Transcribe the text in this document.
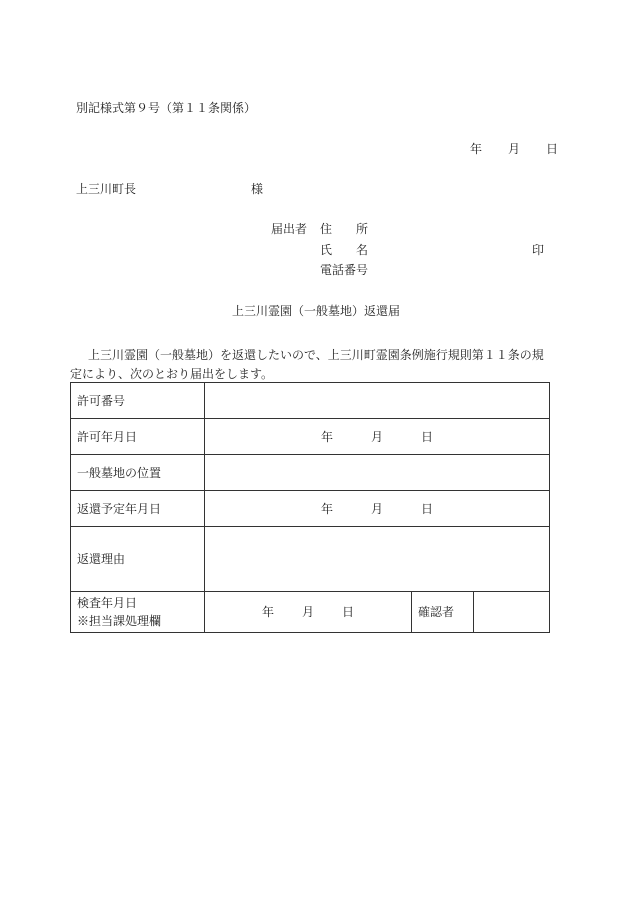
別記様式第９号（第１１条関係）
年 月 日
上三川町長	様
届出者 住　　所
氏　　名	印
電話番号
上三川霊園（一般墓地）返還届
上三川霊園（一般墓地）を返還したいので、上三川町霊園条例施行規則第１１条の規定により、次のとおり届出をします。
許可番号			
許可年月日	年 月 日		
一般墓地の位置			
返還予定年月日	年 月 日		
返還理由			

検査年月日
※担当課処理欄	年 月 日	確認者	
